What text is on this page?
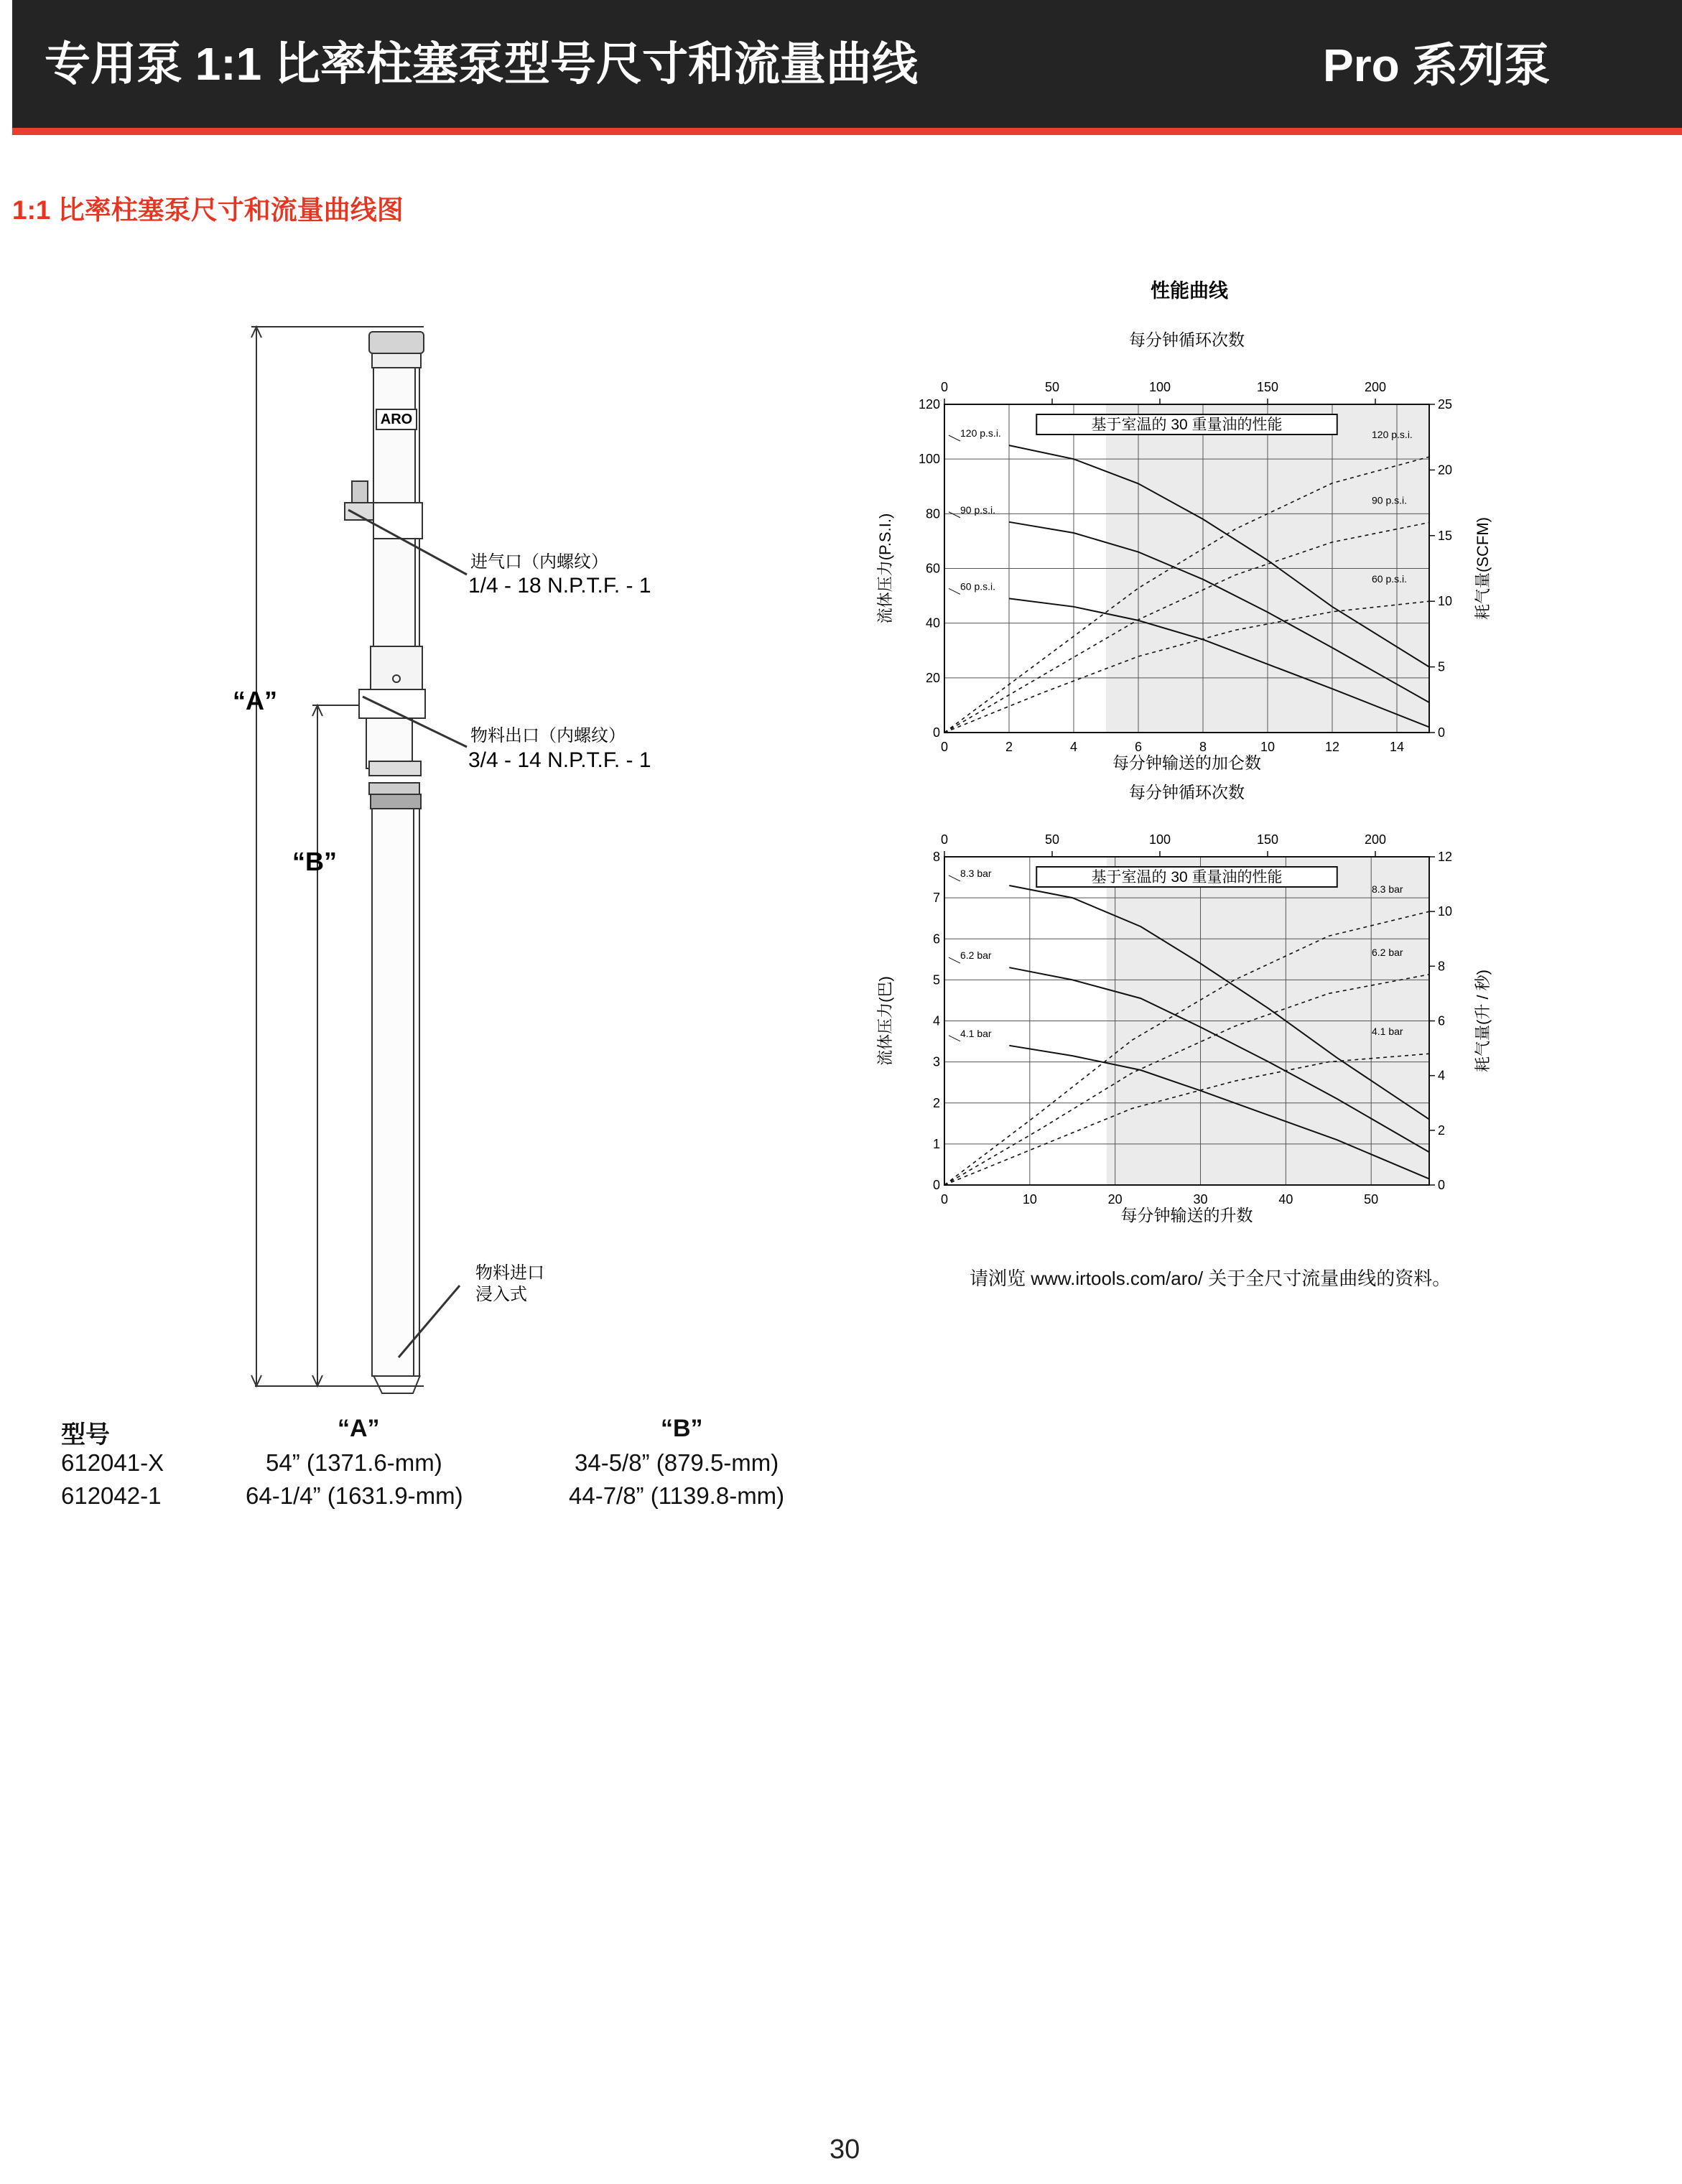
专用泵 1:1 比率柱塞泵型号尺寸和流量曲线	Pro 系列泵
1:1 比率柱塞泵尺寸和流量曲线图
ARO
“A”
“B”
进气口（内螺纹）
1/4 - 18 N.P.T.F. - 1
物料出口（内螺纹）
3/4 - 14 N.P.T.F. - 1
物料进口
浸入式
型号	“A”	“B”
612041-X	54” (1371.6-mm)	34-5/8” (879.5-mm)
612042-1	64-1/4” (1631.9-mm)	44-7/8” (1139.8-mm)
性能曲线
每分钟循环次数
每分钟输送的加仑数
流体压力(P.S.I.)	耗气量(SCFM)
0	2	4	6	8	10	12	14
0
20
40
60
80
100
120
0
5
10
15
20
25
0	50	100	150	200
基于室温的 30 重量油的性能
120 p.s.i.
90 p.s.i.
60 p.s.i.
120 p.s.i.
90 p.s.i.
60 p.s.i.
每分钟循环次数
每分钟输送的升数
流体压力(巴)	耗气量(升 / 秒)
0	10	20	30	40	50
0
1
2
3
4
5
6
7
8
0
2
4
6
8
10
12
0	50	100	150	200
基于室温的 30 重量油的性能
8.3 bar
6.2 bar
4.1 bar
8.3 bar
6.2 bar
4.1 bar
请浏览 www.irtools.com/aro/ 关于全尺寸流量曲线的资料。
30
